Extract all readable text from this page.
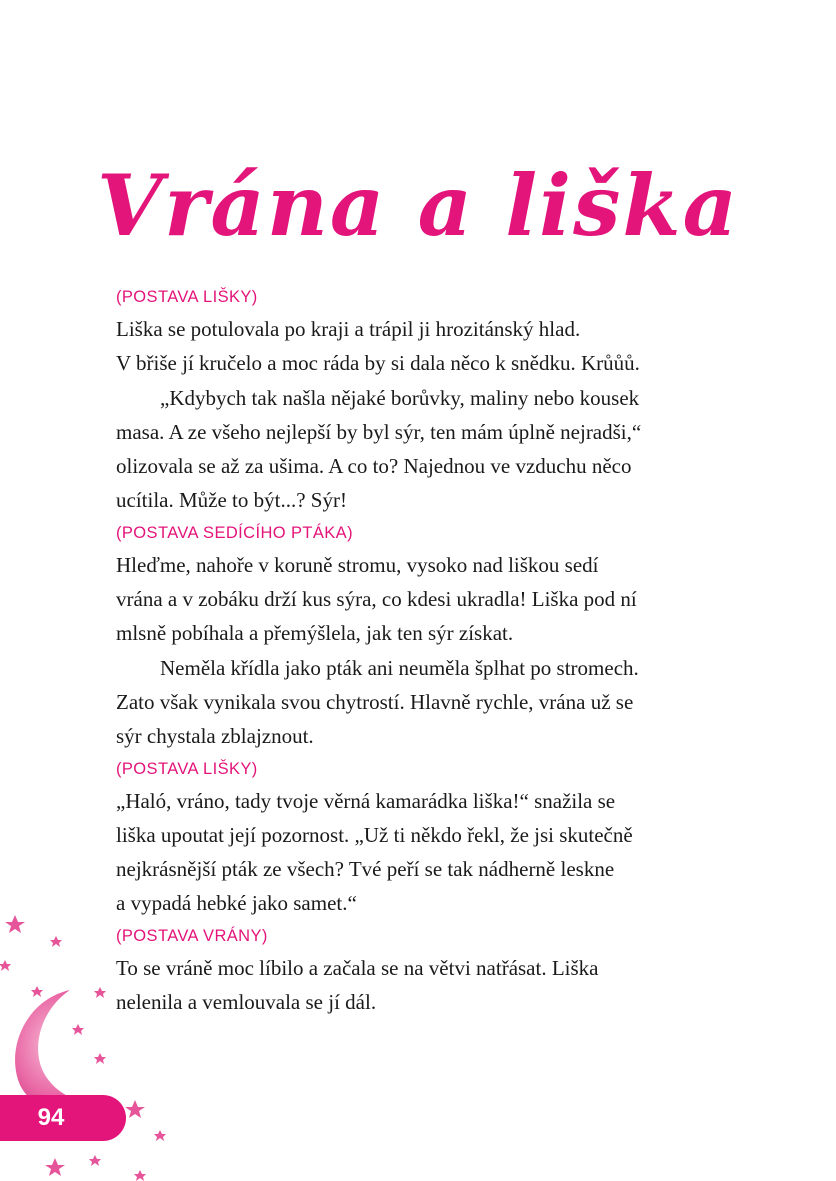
Vrána a liška
(POSTAVA LIŠKY)
Liška se potulovala po kraji a trápil ji hrozitánský hlad.
V břiše jí kručelo a moc ráda by si dala něco k snědku. Krůůů.
„Kdybych tak našla nějaké borůvky, maliny nebo kousek
masa. A ze všeho nejlepší by byl sýr, ten mám úplně nejradši,“
olizovala se až za ušima. A co to? Najednou ve vzduchu něco
ucítila. Může to být...? Sýr!
(POSTAVA SEDÍCÍHO PTÁKA)
Hleďme, nahoře v koruně stromu, vysoko nad liškou sedí
vrána a v zobáku drží kus sýra, co kdesi ukradla! Liška pod ní
mlsně pobíhala a přemýšlela, jak ten sýr získat.
Neměla křídla jako pták ani neuměla šplhat po stromech.
Zato však vynikala svou chytrostí. Hlavně rychle, vrána už se
sýr chystala zblajznout.
(POSTAVA LIŠKY)
„Haló, vráno, tady tvoje věrná kamarádka liška!“ snažila se
liška upoutat její pozornost. „Už ti někdo řekl, že jsi skutečně
nejkrásnější pták ze všech? Tvé peří se tak nádherně leskne
a vypadá hebké jako samet.“
(POSTAVA VRÁNY)
To se vráně moc líbilo a začala se na větvi natřásat. Liška
nelenila a vemlouvala se jí dál.
94
